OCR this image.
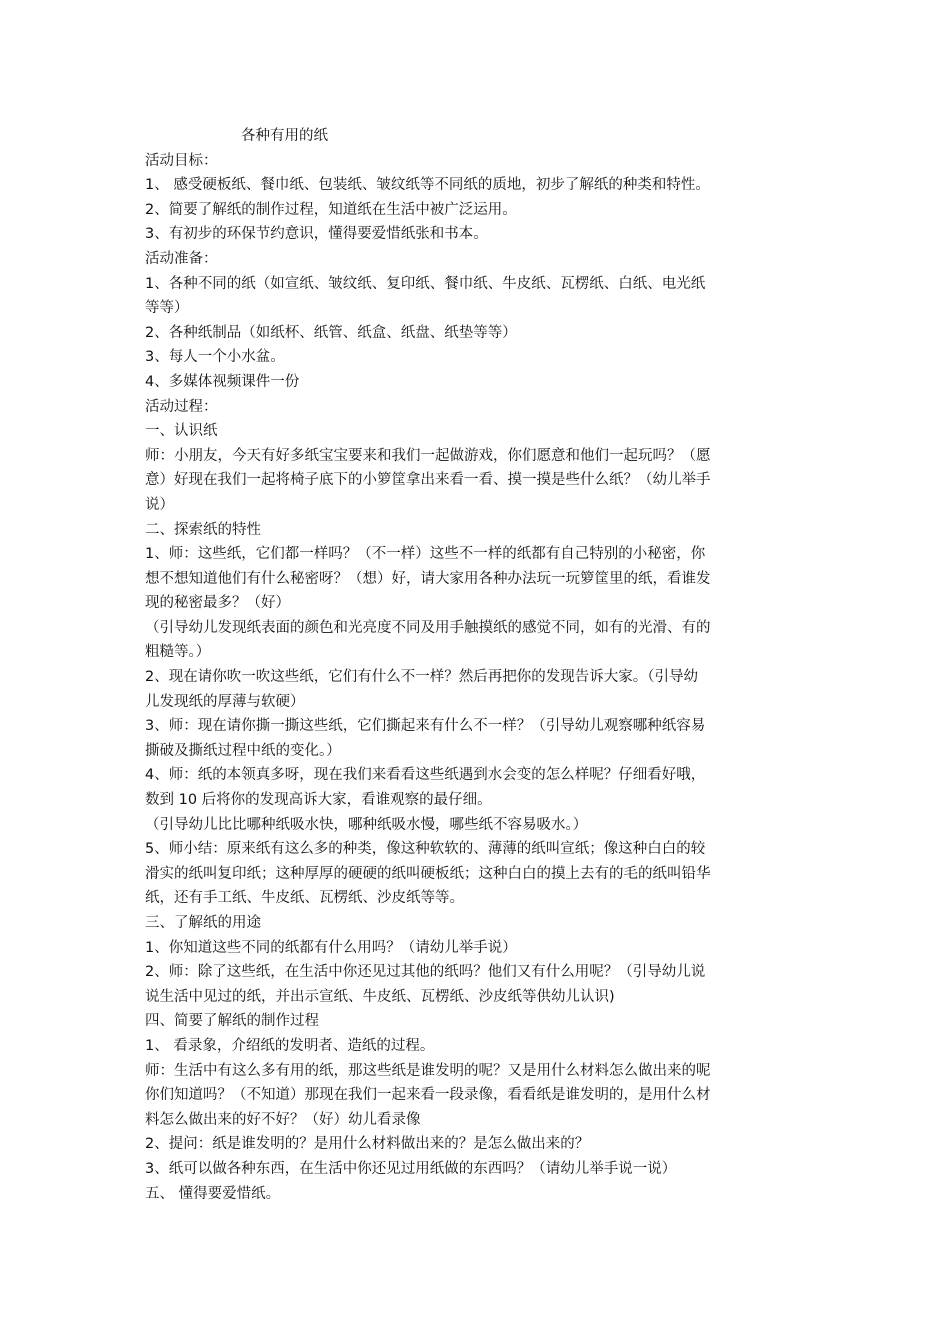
各种有用的纸
活动目标：
1、 感受硬板纸、餐巾纸、包装纸、皱纹纸等不同纸的质地，初步了解纸的种类和特性。
2、简要了解纸的制作过程，知道纸在生活中被广泛运用。
3、有初步的环保节约意识，懂得要爱惜纸张和书本。
活动准备：
1、各种不同的纸（如宣纸、皱纹纸、复印纸、餐巾纸、牛皮纸、瓦楞纸、白纸、电光纸
等等）
2、各种纸制品（如纸杯、纸管、纸盒、纸盘、纸垫等等）
3、每人一个小水盆。
4、多媒体视频课件一份
活动过程：
一、认识纸
师：小朋友，今天有好多纸宝宝要来和我们一起做游戏，你们愿意和他们一起玩吗？（愿
意）好现在我们一起将椅子底下的小箩筐拿出来看一看、摸一摸是些什么纸？（幼儿举手
说）
二、探索纸的特性
1、师：这些纸，它们都一样吗？（不一样）这些不一样的纸都有自己特别的小秘密，你
想不想知道他们有什么秘密呀？（想）好，请大家用各种办法玩一玩箩筐里的纸，看谁发
现的秘密最多？（好）
（引导幼儿发现纸表面的颜色和光亮度不同及用手触摸纸的感觉不同，如有的光滑、有的
粗糙等。）
2、现在请你吹一吹这些纸，它们有什么不一样？然后再把你的发现告诉大家。（引导幼
儿发现纸的厚薄与软硬）
3、师：现在请你撕一撕这些纸，它们撕起来有什么不一样？（引导幼儿观察哪种纸容易
撕破及撕纸过程中纸的变化。）
4、师：纸的本领真多呀，现在我们来看看这些纸遇到水会变的怎么样呢？仔细看好哦，
数到 10 后将你的发现高诉大家，看谁观察的最仔细。
（引导幼儿比比哪种纸吸水快，哪种纸吸水慢，哪些纸不容易吸水。）
5、师小结：原来纸有这么多的种类，像这种软软的、薄薄的纸叫宣纸；像这种白白的较
滑实的纸叫复印纸；这种厚厚的硬硬的纸叫硬板纸；这种白白的摸上去有的毛的纸叫铅华
纸，还有手工纸、牛皮纸、瓦楞纸、沙皮纸等等。
三、了解纸的用途
1、你知道这些不同的纸都有什么用吗？（请幼儿举手说）
2、师：除了这些纸，在生活中你还见过其他的纸吗？他们又有什么用呢？（引导幼儿说
说生活中见过的纸，并出示宣纸、牛皮纸、瓦楞纸、沙皮纸等供幼儿认识)
四、简要了解纸的制作过程
1、 看录象，介绍纸的发明者、造纸的过程。
师：生活中有这么多有用的纸，那这些纸是谁发明的呢？又是用什么材料怎么做出来的呢
你们知道吗？（不知道）那现在我们一起来看一段录像，看看纸是谁发明的，是用什么材
料怎么做出来的好不好？（好）幼儿看录像
2、提问：纸是谁发明的？是用什么材料做出来的？是怎么做出来的？
3、纸可以做各种东西，在生活中你还见过用纸做的东西吗？（请幼儿举手说一说）
五、 懂得要爱惜纸。
